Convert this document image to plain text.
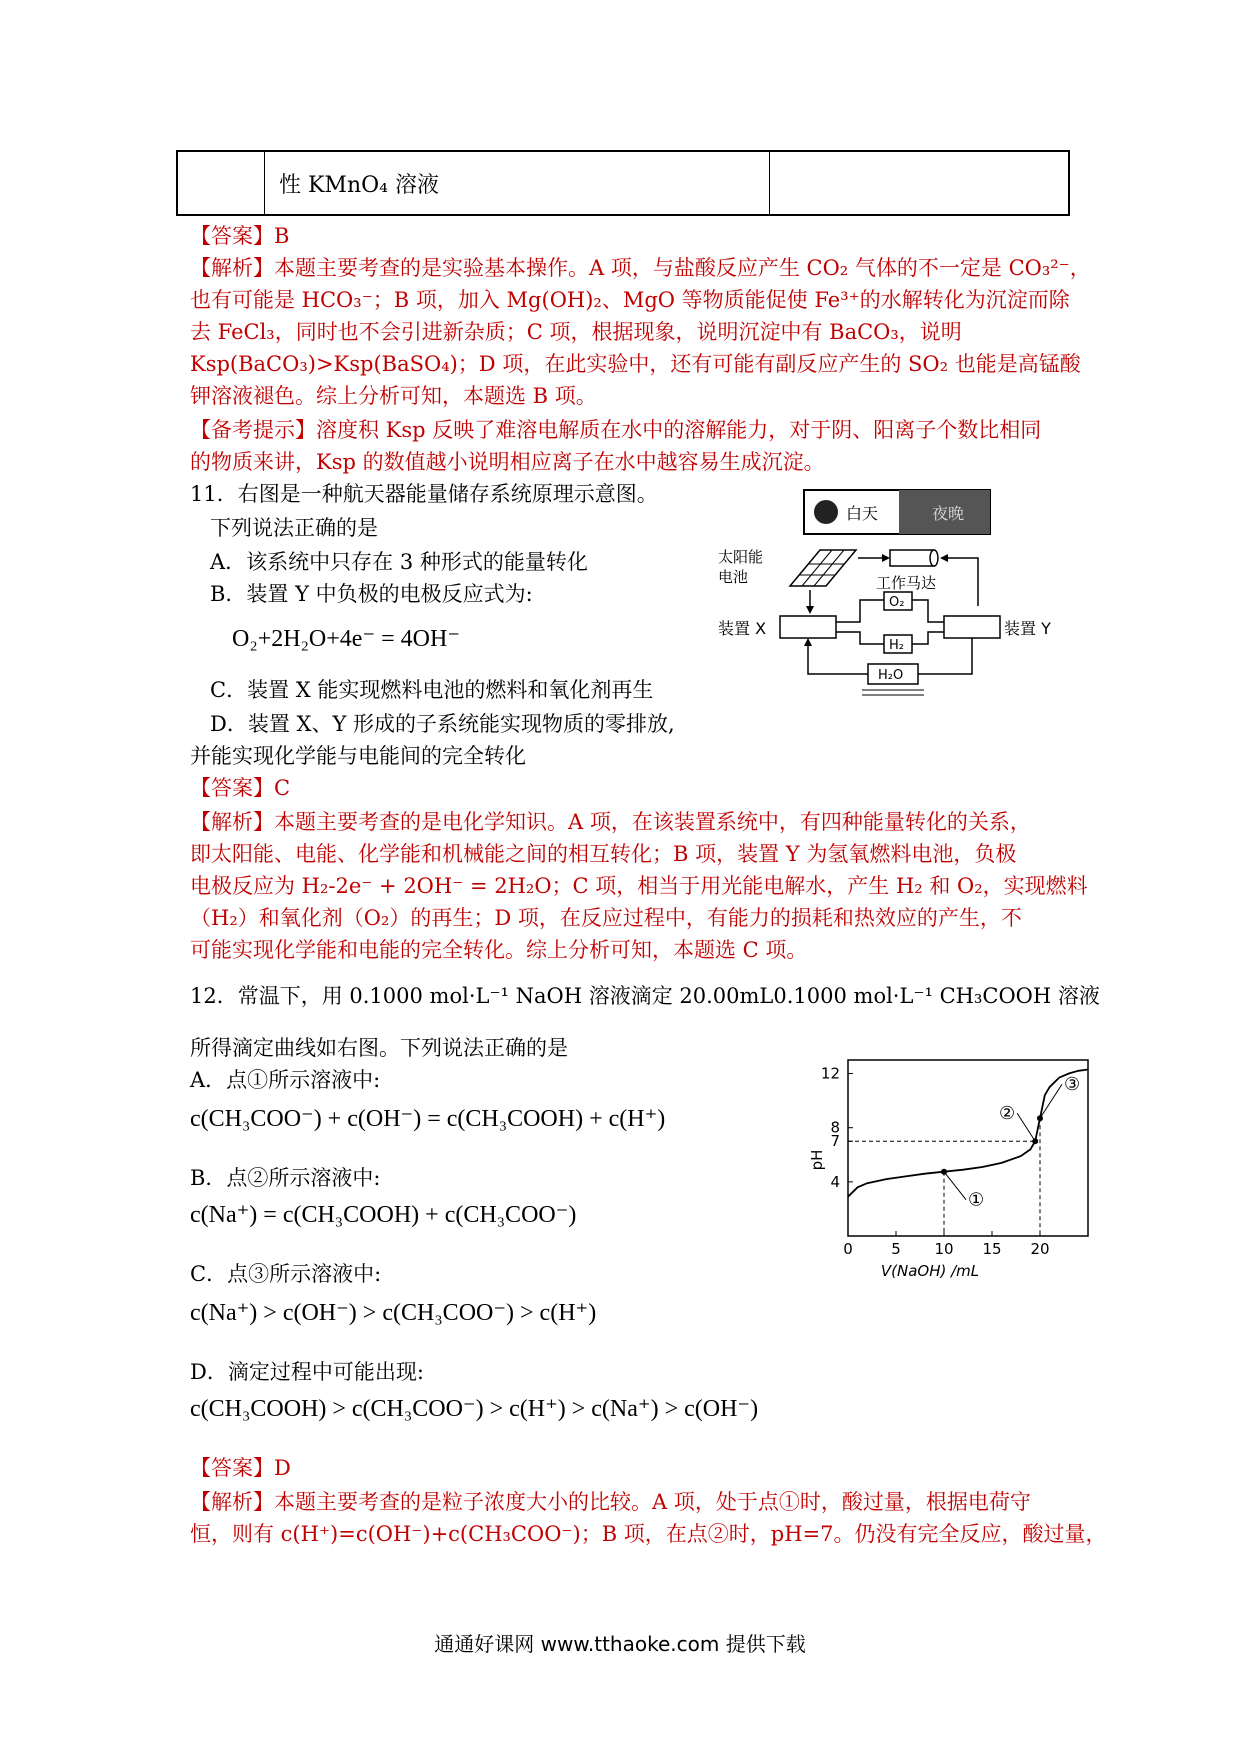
性 KMnO₄ 溶液
【答案】B
【解析】本题主要考查的是实验基本操作。A 项，与盐酸反应产生 CO₂ 气体的不一定是 CO₃²⁻，
也有可能是 HCO₃⁻；B 项，加入 Mg(OH)₂、MgO 等物质能促使 Fe³⁺的水解转化为沉淀而除
去 FeCl₃，同时也不会引进新杂质；C 项，根据现象，说明沉淀中有 BaCO₃，说明
Ksp(BaCO₃)>Ksp(BaSO₄)；D 项，在此实验中，还有可能有副反应产生的 SO₂ 也能是高锰酸
钾溶液褪色。综上分析可知，本题选 B 项。
【备考提示】溶度积 Ksp 反映了难溶电解质在水中的溶解能力，对于阴、阳离子个数比相同
的物质来讲，Ksp 的数值越小说明相应离子在水中越容易生成沉淀。
11．右图是一种航天器能量储存系统原理示意图。
下列说法正确的是
A．该系统中只存在 3 种形式的能量转化
B．装置 Y 中负极的电极反应式为:
O₂+2H₂O+4e⁻ = 4OH⁻
C．装置 X 能实现燃料电池的燃料和氧化剂再生
D．装置 X、Y 形成的子系统能实现物质的零排放,
并能实现化学能与电能间的完全转化
白天	夜晚
太阳能
电池	工作马达
装置 X	装置 Y
O₂
H₂
H₂O
【答案】C
【解析】本题主要考查的是电化学知识。A 项，在该装置系统中，有四种能量转化的关系，
即太阳能、电能、化学能和机械能之间的相互转化；B 项，装置 Y 为氢氧燃料电池，负极
电极反应为 H₂-2e⁻ + 2OH⁻ = 2H₂O；C 项，相当于用光能电解水，产生 H₂ 和 O₂，实现燃料
（H₂）和氧化剂（O₂）的再生；D 项，在反应过程中，有能力的损耗和热效应的产生，不
可能实现化学能和电能的完全转化。综上分析可知，本题选 C 项。
12．常温下，用 0.1000 mol·L⁻¹ NaOH 溶液滴定 20.00mL0.1000 mol·L⁻¹ CH₃COOH 溶液
所得滴定曲线如右图。下列说法正确的是
A．点①所示溶液中:
c(CH₃COO⁻) + c(OH⁻) = c(CH₃COOH) + c(H⁺)
B．点②所示溶液中:
c(Na⁺) = c(CH₃COOH) + c(CH₃COO⁻)
C．点③所示溶液中:
c(Na⁺) > c(OH⁻) > c(CH₃COO⁻) > c(H⁺)
D．滴定过程中可能出现:
c(CH₃COOH) > c(CH₃COO⁻) > c(H⁺) > c(Na⁺) > c(OH⁻)
pH
V(NaOH) /mL
0	5 10 15 20
4
7
8
12
①
②
③
【答案】D
【解析】本题主要考查的是粒子浓度大小的比较。A 项，处于点①时，酸过量，根据电荷守
恒，则有 c(H⁺)=c(OH⁻)+c(CH₃COO⁻)；B 项，在点②时，pH=7。仍没有完全反应，酸过量，
通通好课网 www.tthaoke.com 提供下载
